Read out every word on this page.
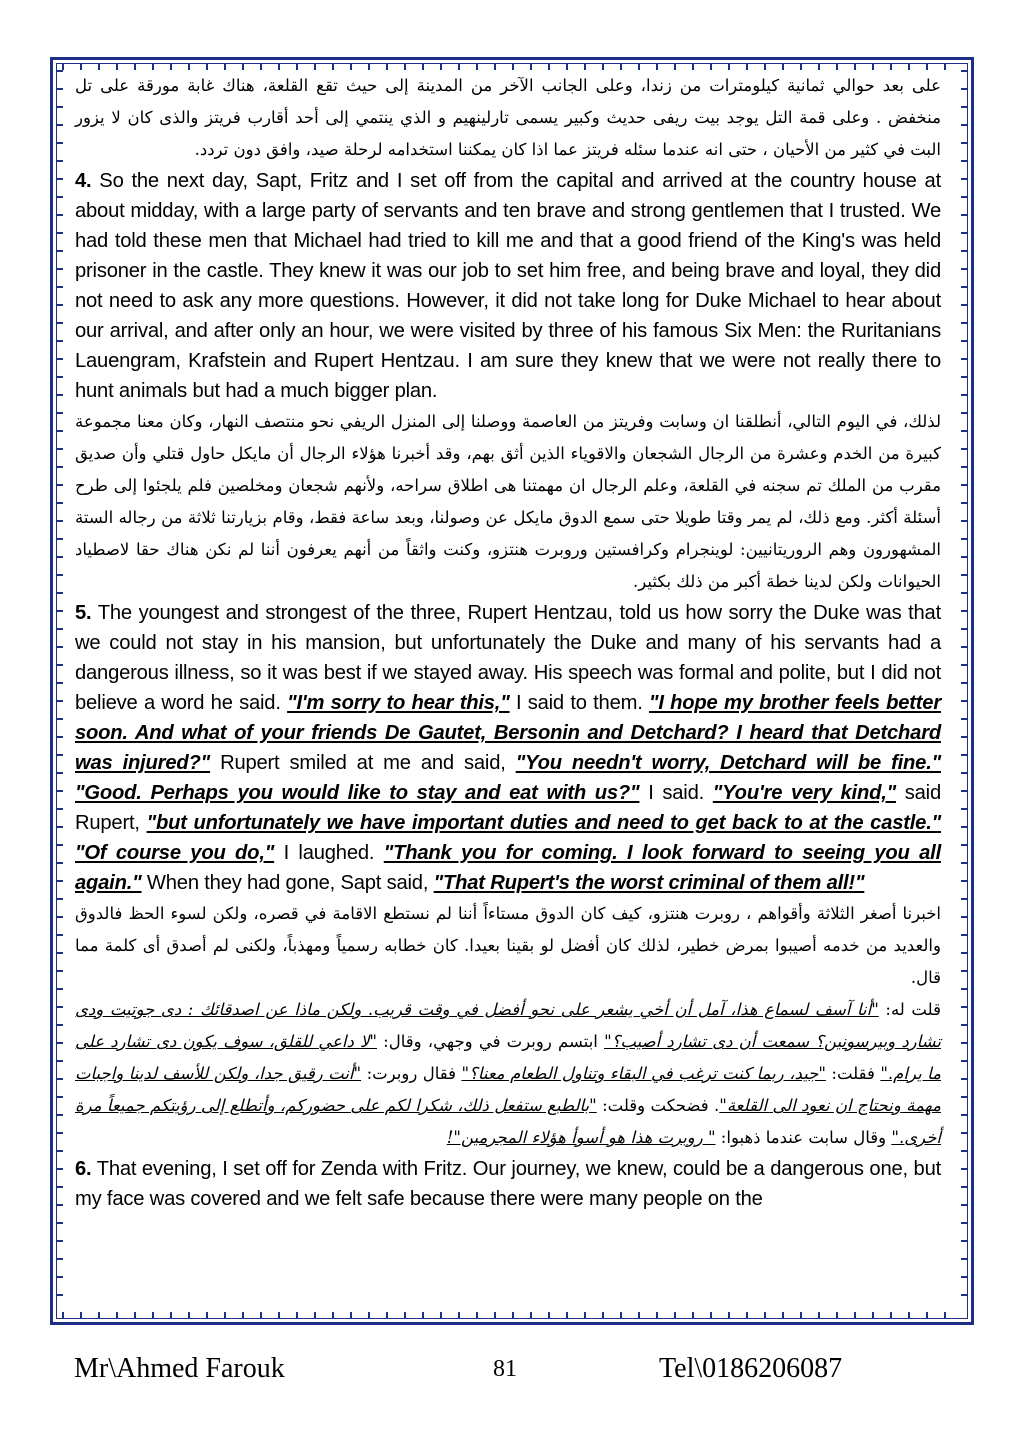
على بعد حوالي ثمانية كيلومترات من زندا، وعلى الجانب الآخر من المدينة إلى حيث تقع القلعة، هناك غابة مورقة على تل منخفض . وعلى قمة التل يوجد بيت ريفى حديث وكبير يسمى تارلينهيم و الذي ينتمي إلى أحد أقارب فريتز والذى كان لا يزور البت في كثير من الأحيان ، حتى انه عندما سئله فريتز عما اذا كان يمكننا استخدامه لرحلة صيد، وافق دون تردد.

4. So the next day, Sapt, Fritz and I set off from the capital and arrived at the country house at about midday, with a large party of servants and ten brave and strong gentlemen that I trusted. We had told these men that Michael had tried to kill me and that a good friend of the King's was held prisoner in the castle. They knew it was our job to set him free, and being brave and loyal, they did not need to ask any more questions. However, it did not take long for Duke Michael to hear about our arrival, and after only an hour, we were visited by three of his famous Six Men: the Ruritanians Lauengram, Krafstein and Rupert Hentzau. I am sure they knew that we were not really there to hunt animals but had a much bigger plan.

لذلك، في اليوم التالي، أنطلقنا ان وسابت وفريتز من العاصمة ووصلنا إلى المنزل الريفي نحو منتصف النهار، وكان معنا مجموعة كبيرة من الخدم وعشرة من الرجال الشجعان والاقوياء الذين أثق بهم، وقد أخبرنا هؤلاء الرجال أن مايكل حاول قتلي وأن صديق مقرب من الملك تم سجنه في القلعة، وعلم الرجال ان مهمتنا هى اطلاق سراحه، ولأنهم شجعان ومخلصين فلم يلجئوا إلى طرح أسئلة أكثر. ومع ذلك، لم يمر وقتا طويلا حتى سمع الدوق مايكل عن وصولنا، وبعد ساعة فقط، وقام بزيارتنا ثلاثة من رجاله الستة المشهورون وهم الروريتانيين: لوينجرام وكرافستين وروبرت هنتزو، وكنت واثقاً من أنهم يعرفون أننا لم نكن هناك حقا لاصطياد الحيوانات ولكن لدينا خطة أكبر من ذلك بكثير.

5. The youngest and strongest of the three, Rupert Hentzau, told us how sorry the Duke was that we could not stay in his mansion, but unfortunately the Duke and many of his servants had a dangerous illness, so it was best if we stayed away. His speech was formal and polite, but I did not believe a word he said. "I'm sorry to hear this," I said to them. "I hope my brother feels better soon. And what of your friends De Gautet, Bersonin and Detchard? I heard that Detchard was injured?" Rupert smiled at me and said, "You needn't worry, Detchard will be fine." "Good. Perhaps you would like to stay and eat with us?" I said. "You're very kind," said Rupert, "but unfortunately we have important duties and need to get back to at the castle." "Of course you do," I laughed. "Thank you for coming. I look forward to seeing you all again." When they had gone, Sapt said, "That Rupert's the worst criminal of them all!"

اخبرنا أصغر الثلاثة وأقواهم ، روبرت هنتزو، كيف كان الدوق مستاءاً أننا لم نستطع الاقامة في قصره، ولكن لسوء الحظ فالدوق والعديد من خدمه أصيبوا بمرض خطير، لذلك كان أفضل لو بقينا بعيدا. كان خطابه رسمياً ومهذباً، ولكنى لم أصدق أى كلمة مما قال.

قلت له: "أنا آسف لسماع هذا، آمل أن أخي يشعر على نحو أفضل في وقت قريب. ولكن ماذا عن اصدقائك : دى جوتيت ودى تشارد وبيرسونين؟ سمعت أن دى تشارد أصيب؟" ابتسم روبرت في وجهي، وقال: "لا داعي للقلق، سوف يكون دى تشارد على ما يرام." فقلت: "جيد، ربما كنت ترغب في البقاء وتناول الطعام معنا؟" فقال روبرت: "أنت رقيق جدا، ولكن للأسف لدينا واجبات مهمة ونحتاج ان نعود الى القلعة". فضحكت وقلت: "بالطبع ستفعل ذلك، شكرا لكم على حضوركم، وأتطلع إلى رؤيتكم جميعاً مرة أخرى." وقال سابت عندما ذهبوا: " روبرت هذا هو أسوأ هؤلاء المجرمين"!

6. That evening, I set off for Zenda with Fritz. Our journey, we knew, could be a dangerous one, but my face was covered and we felt safe because there were many people on the

Mr\Ahmed Farouk	81	Tel\0186206087
